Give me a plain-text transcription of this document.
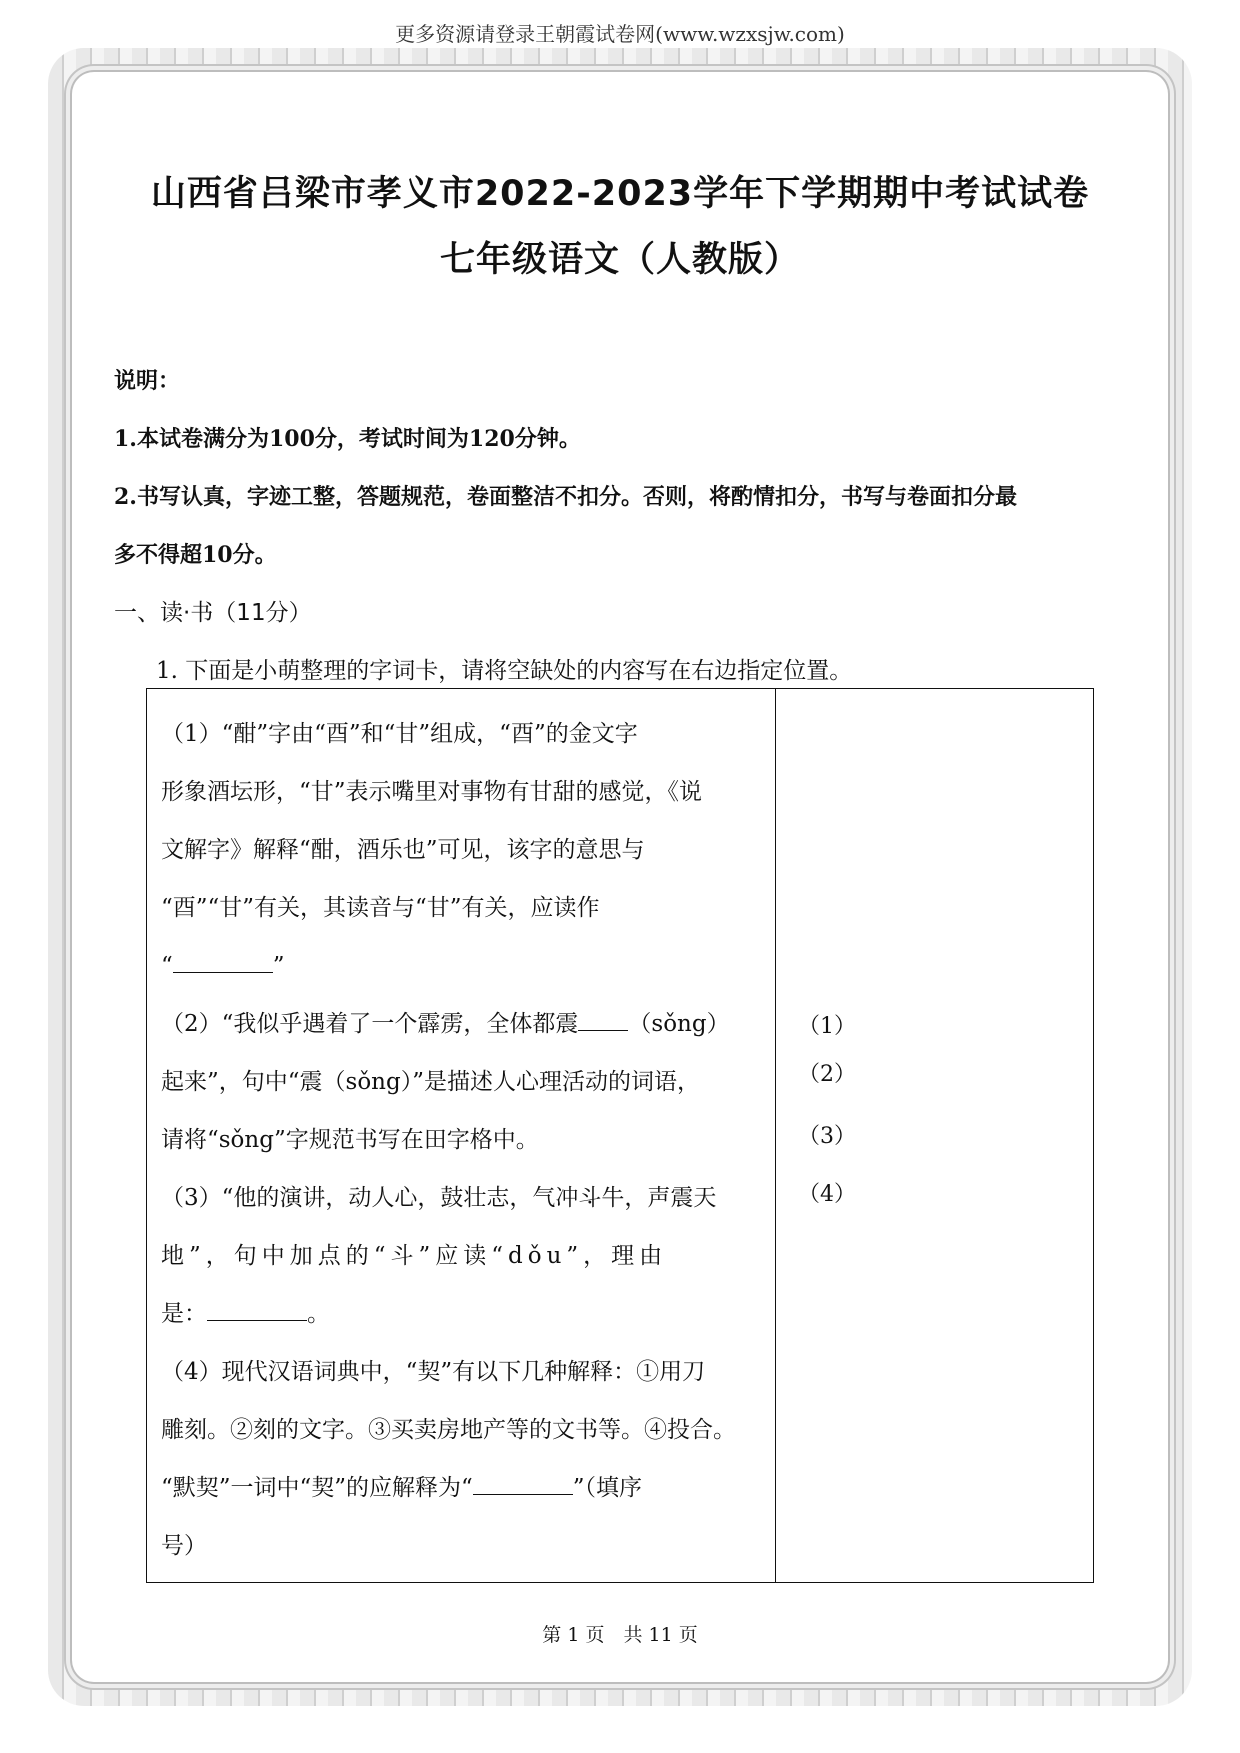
更多资源请登录王朝霞试卷网(www.wzxsjw.com)
山西省吕梁市孝义市2022-2023学年下学期期中考试试卷
七年级语文（人教版）
说明：
1.本试卷满分为100分，考试时间为120分钟。
2.书写认真，字迹工整，答题规范，卷面整洁不扣分。否则，将酌情扣分，书写与卷面扣分最
多不得超10分。
一、读·书（11分）
1. 下面是小萌整理的字词卡，请将空缺处的内容写在右边指定位置。

（1）“酣”字由“酉”和“甘”组成，“酉”的金文字

形象酒坛形，“甘”表示嘴里对事物有甘甜的感觉，《说

文解字》解释“酣，酒乐也”可见，该字的意思与

“酉”“甘”有关，其读音与“甘”有关，应读作

“	”

（2）“我似乎遇着了一个霹雳，全体都震 （sǒng）

起来”，句中“震（sǒng）”是描述人心理活动的词语，

请将“sǒng”字规范书写在田字格中。

（3）“他的演讲，动人心，鼓壮志，气冲斗 ·牛，声震天

地”，句中加点的“斗”应读“dǒu”，理由

是：	。

（4）现代汉语词典中，“契”有以下几种解释：①用刀

雕刻。②刻的文字。③买卖房地产等的文书等。④投合。

“默契”一词中“契”的应解释为“	”（填序

号）

（1）
（2）
（3）
（4）
第 1 页　共 11 页
